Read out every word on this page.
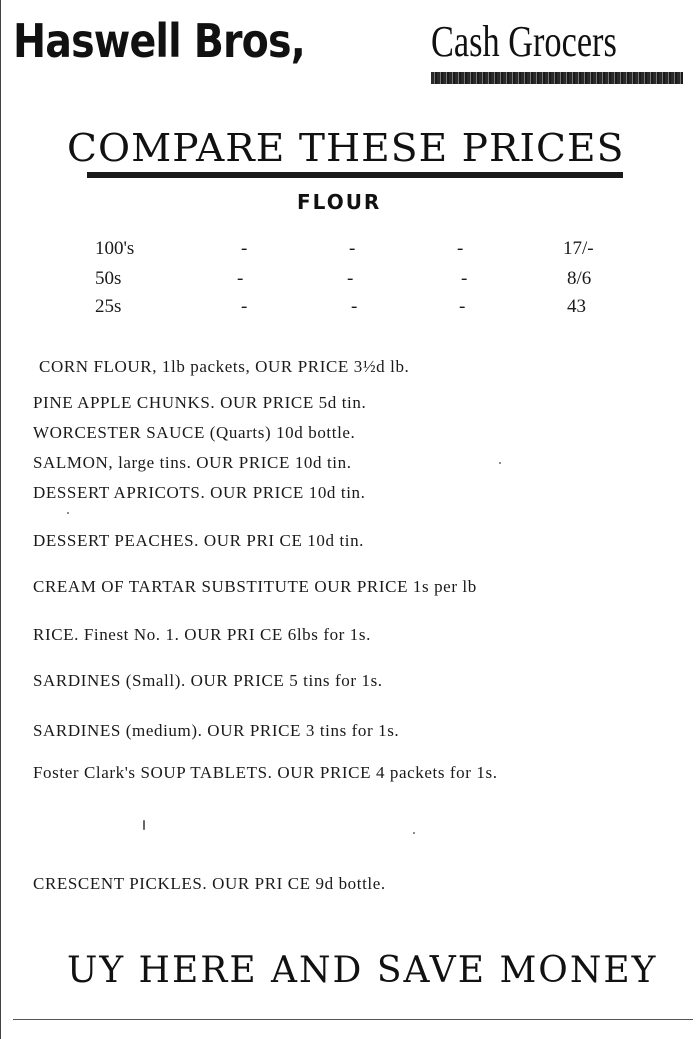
Haswell Bros,	Cash Grocers
COMPARE THESE PRICES
FLOUR
100's	-	-	-	17/-
50s	-	-	-	8/6
25s	-	-	-	43
CORN FLOUR, 1lb packets, OUR PRICE 3½d lb.
PINE APPLE CHUNKS. OUR PRICE 5d tin.
WORCESTER SAUCE (Quarts) 10d bottle.
SALMON, large tins. OUR PRICE 10d tin.
DESSERT APRICOTS. OUR PRICE 10d tin.
DESSERT PEACHES. OUR PRI CE 10d tin.
CREAM OF TARTAR SUBSTITUTE OUR PRICE 1s per lb
RICE. Finest No. 1. OUR PRI CE 6lbs for 1s.
SARDINES (Small). OUR PRICE 5 tins for 1s.
SARDINES (medium). OUR PRICE 3 tins for 1s.
Foster Clark's SOUP TABLETS. OUR PRICE 4 packets for 1s.
CRESCENT PICKLES. OUR PRI CE 9d bottle.
UY HERE AND SAVE MONEY
